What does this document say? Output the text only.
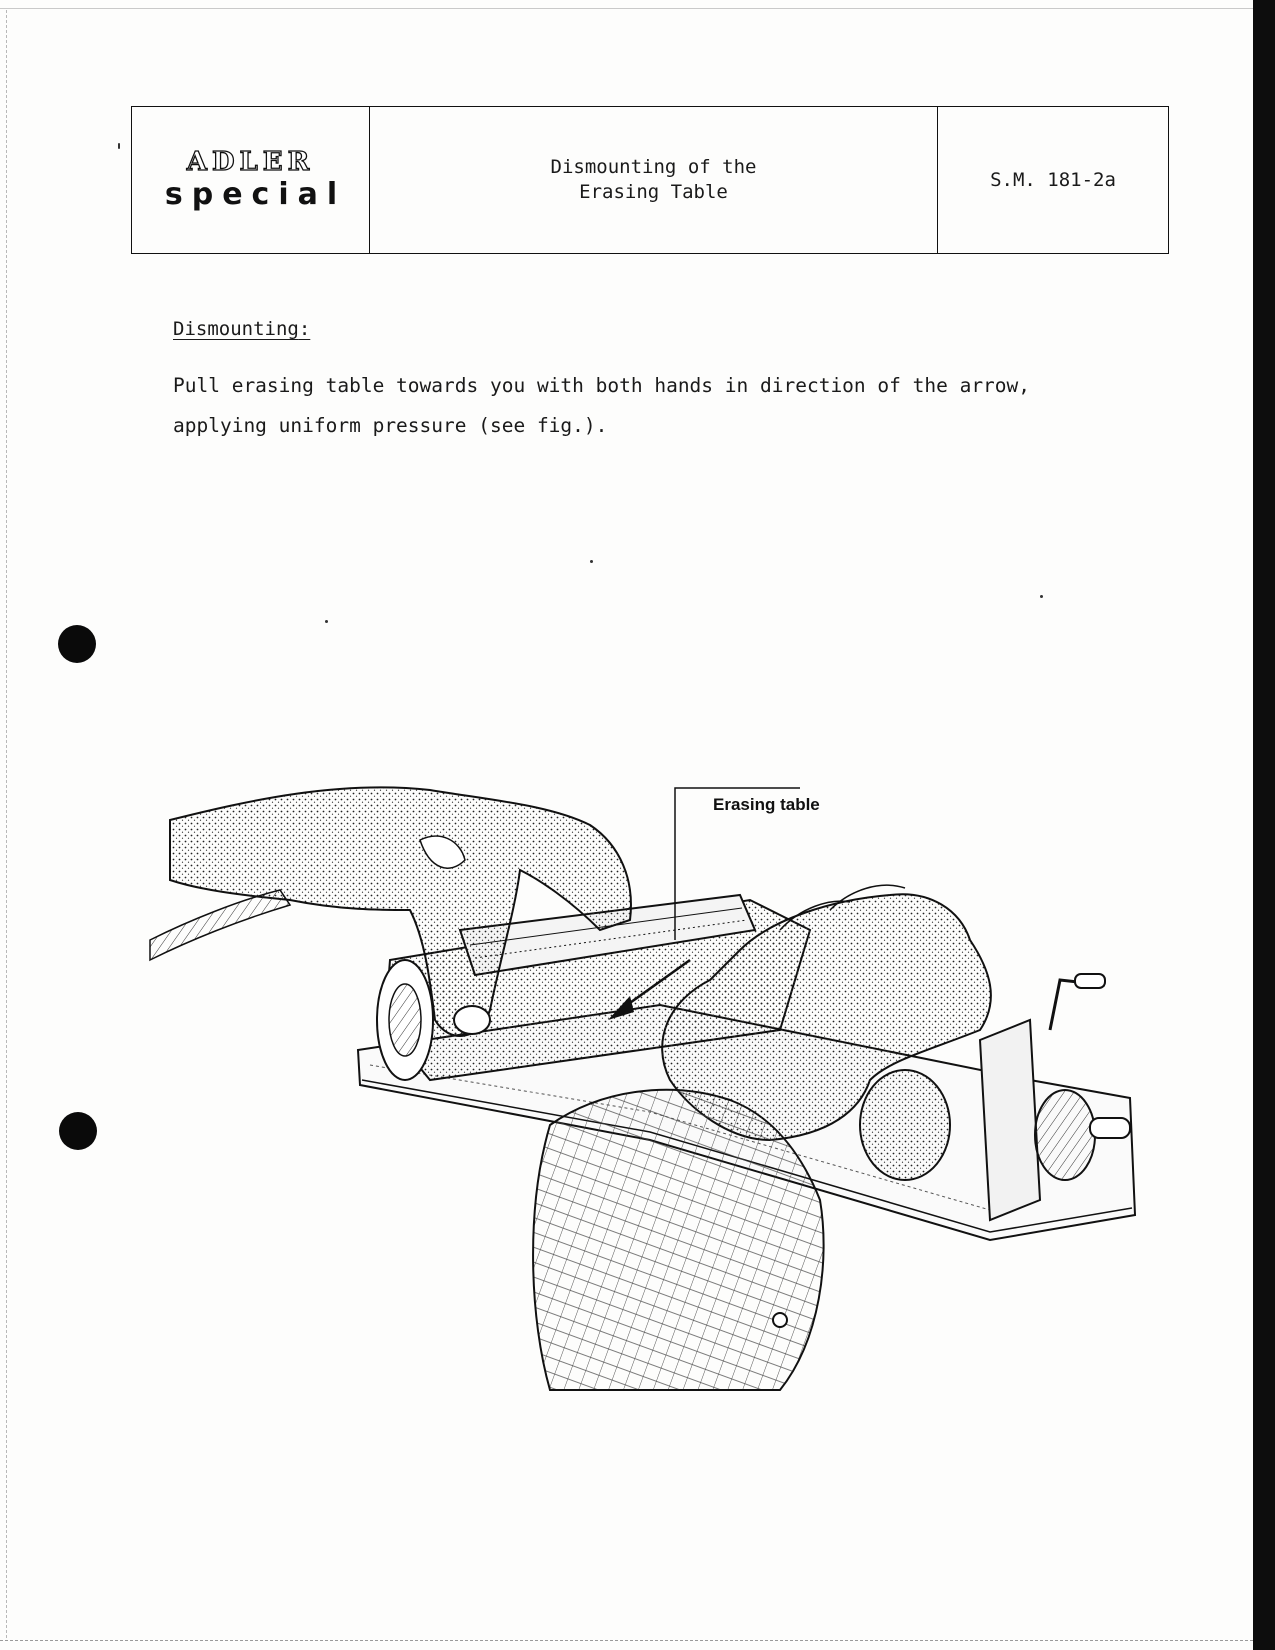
ADLER
special
Dismounting of the
Erasing Table
S.M. 181-2a
Dismounting:
Pull erasing table towards you with both hands in direction of the arrow,
applying uniform pressure (see fig.).
Erasing table
